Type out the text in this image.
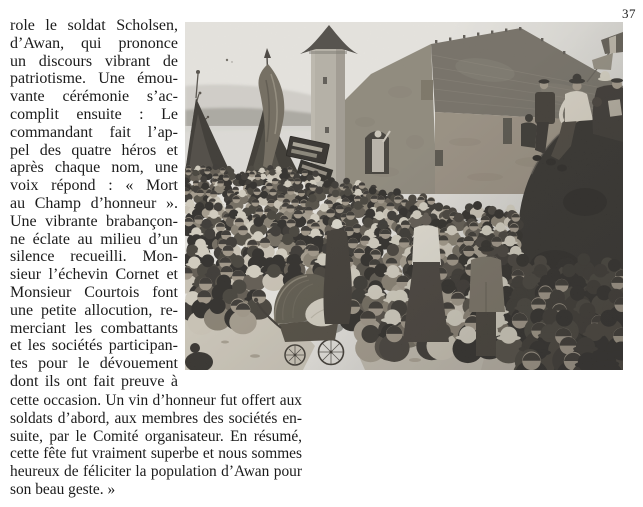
37
role le soldat Scholsen,
d’Awan, qui prononce
un discours vibrant de
patriotisme. Une émou-
vante cérémonie s’ac-
complit ensuite : Le
commandant fait l’ap-
pel des quatre héros et
après chaque nom, une
voix répond : « Mort
au Champ d’honneur ».
Une vibrante brabançon-
ne éclate au milieu d’un
silence recueilli. Mon-
sieur l’échevin Cornet et
Monsieur Courtois font
une petite allocution, re-
merciant les combattants
et les sociétés participan-
tes pour le dévouement
dont ils ont fait preuve à
cette occasion. Un vin d’honneur fut offert aux
soldats d’abord, aux membres des sociétés en-
suite, par le Comité organisateur. En résumé,
cette fête fut vraiment superbe et nous sommes
heureux de féliciter la population d’Awan pour
son beau geste. »
